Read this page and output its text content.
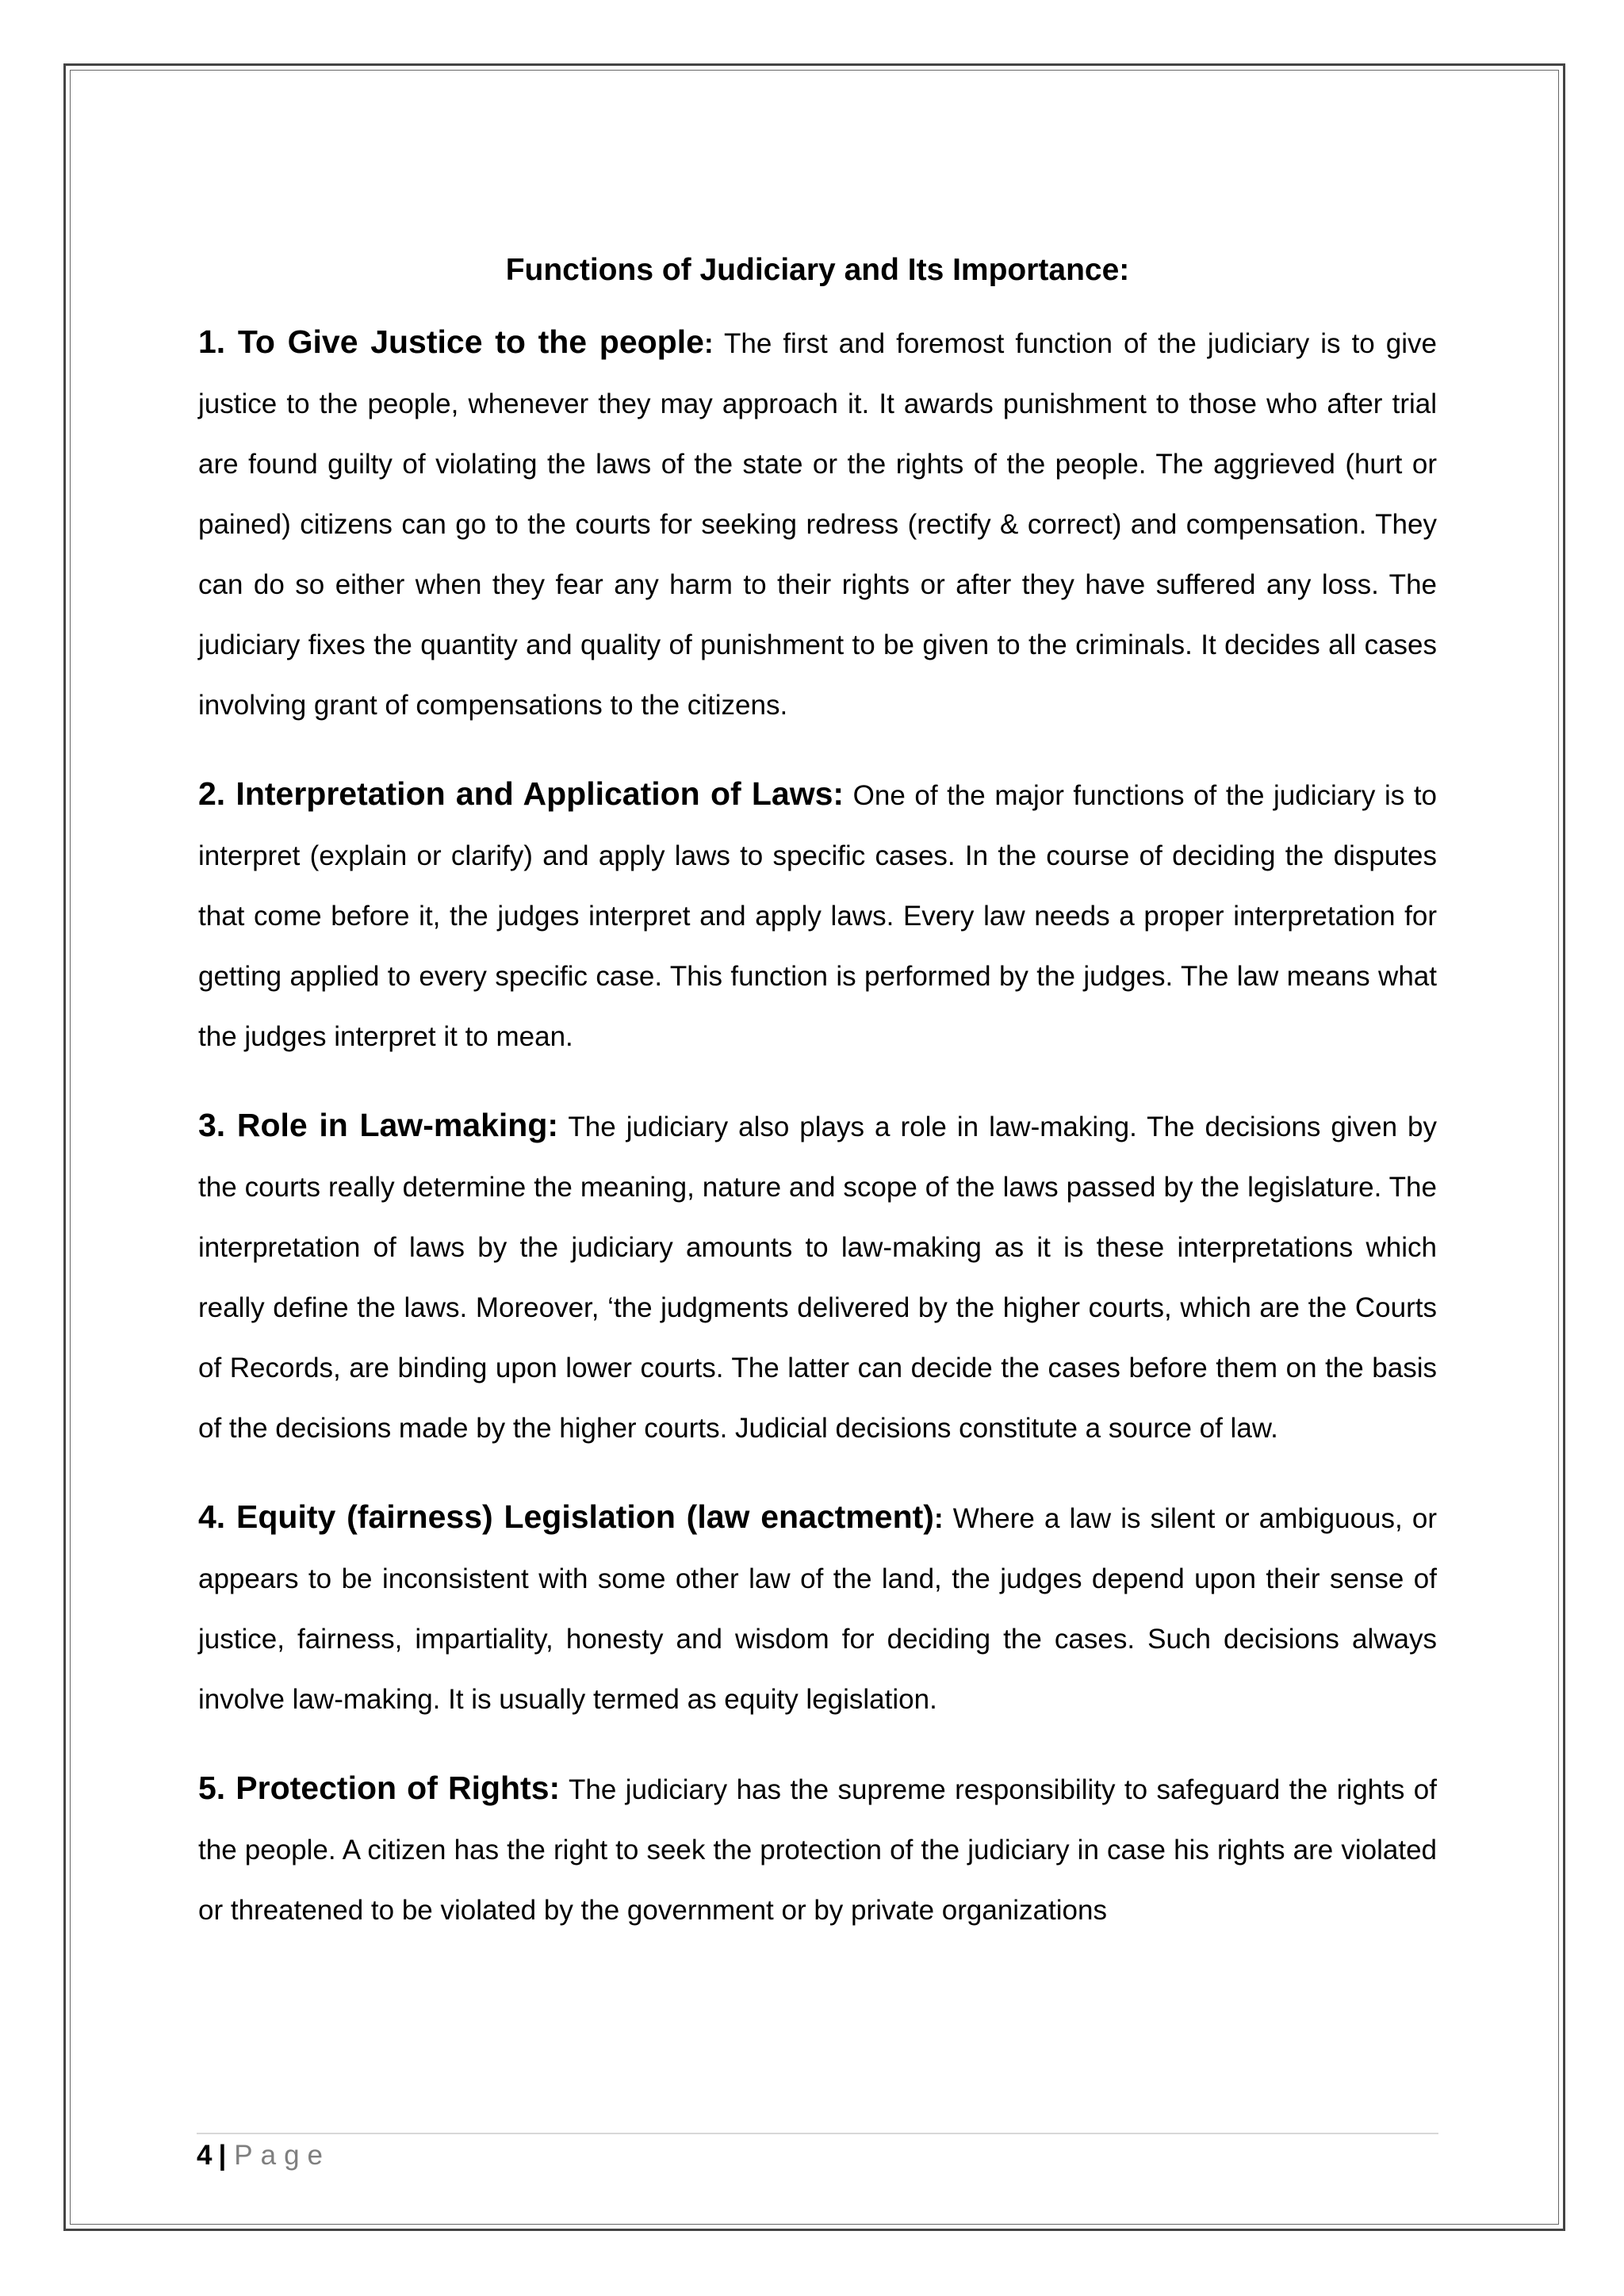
Functions of Judiciary and Its Importance:

1. To Give Justice to the people: The first and foremost function of the judiciary is to give justice to the people, whenever they may approach it. It awards punishment to those who after trial are found guilty of violating the laws of the state or the rights of the people. The aggrieved (hurt or pained) citizens can go to the courts for seeking redress (rectify & correct) and compensation. They can do so either when they fear any harm to their rights or after they have suffered any loss. The judiciary fixes the quantity and quality of punishment to be given to the criminals. It decides all cases involving grant of compensations to the citizens.

2. Interpretation and Application of Laws: One of the major functions of the judiciary is to interpret (explain or clarify) and apply laws to specific cases. In the course of deciding the disputes that come before it, the judges interpret and apply laws. Every law needs a proper interpretation for getting applied to every specific case. This function is performed by the judges. The law means what the judges interpret it to mean.

3. Role in Law-making: The judiciary also plays a role in law-making. The decisions given by the courts really determine the meaning, nature and scope of the laws passed by the legislature. The interpretation of laws by the judiciary amounts to law-making as it is these interpretations which really define the laws. Moreover, ‘the judgments delivered by the higher courts, which are the Courts of Records, are binding upon lower courts. The latter can decide the cases before them on the basis of the decisions made by the higher courts. Judicial decisions constitute a source of law.

4. Equity (fairness) Legislation (law enactment): Where a law is silent or ambiguous, or appears to be inconsistent with some other law of the land, the judges depend upon their sense of justice, fairness, impartiality, honesty and wisdom for deciding the cases. Such decisions always involve law-making. It is usually termed as equity legislation.

5. Protection of Rights: The judiciary has the supreme responsibility to safeguard the rights of the people. A citizen has the right to seek the protection of the judiciary in case his rights are violated or threatened to be violated by the government or by private organizations

4 | Page
